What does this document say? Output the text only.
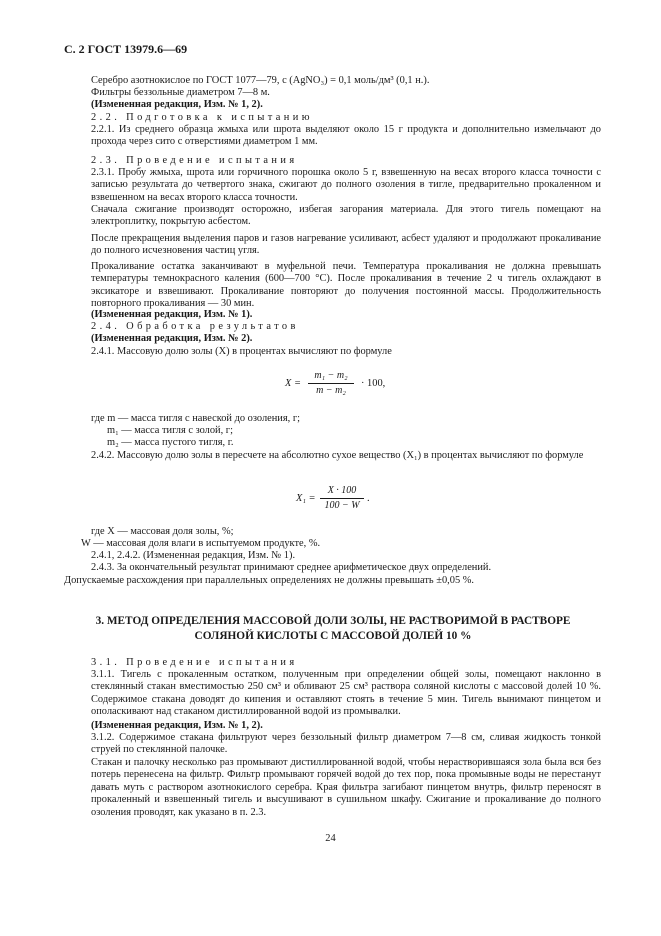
С. 2 ГОСТ 13979.6—69

Серебро азотнокислое по ГОСТ 1077—79, с (AgNO₃) = 0,1 моль/дм³ (0,1 н.).

Фильтры беззольные диаметром 7—8 м.

(Измененная редакция, Изм. № 1, 2).

2.2. Подготовка к испытанию

2.2.1. Из среднего образца жмыха или шрота выделяют около 15 г продукта и дополнительно измельчают до прохода через сито с отверстиями диаметром 1 мм.

2.3. Проведение испытания

2.3.1. Пробу жмыха, шрота или горчичного порошка около 5 г, взвешенную на весах второго класса точности с записью результата до четвертого знака, сжигают до полного озоления в тигле, предварительно прокаленном и взвешенном на весах второго класса точности.

Сначала сжигание производят осторожно, избегая загорания материала. Для этого тигель помещают на электроплитку, покрытую асбестом.

После прекращения выделения паров и газов нагревание усиливают, асбест удаляют и продолжают прокаливание до полного исчезновения частиц угля.

Прокаливание остатка заканчивают в муфельной печи. Температура прокаливания не должна превышать температуры темнокрасного каления (600—700 °С). После прокаливания в течение 2 ч тигель охлаждают в эксикаторе и взвешивают. Прокаливание повторяют до получения постоянной массы. Продолжительность повторного прокаливания — 30 мин.

(Измененная редакция, Изм. № 1).

2.4. Обработка результатов

(Измененная редакция, Изм. № 2).

2.4.1. Массовую долю золы (X) в процентах вычисляют по формуле

X =
m₁ − m₂
m − m₂
· 100,

где m — масса тигля с навеской до озоления, г;

m₁ — масса тигля с золой, г;

m₂ — масса пустого тигля, г.

2.4.2. Массовую долю золы в пересчете на абсолютно сухое вещество (X₁) в процентах вычисляют по формуле

X₁ =
X · 100
100 − W
.

где X — массовая доля золы, %;

W — массовая доля влаги в испытуемом продукте, %.

2.4.1, 2.4.2. (Измененная редакция, Изм. № 1).

2.4.3. За окончательный результат принимают среднее арифметическое двух определений.

Допускаемые расхождения при параллельных определениях не должны превышать ±0,05 %.

3. МЕТОД ОПРЕДЕЛЕНИЯ МАССОВОЙ ДОЛИ ЗОЛЫ, НЕ РАСТВОРИМОЙ В РАСТВОРЕ
СОЛЯНОЙ КИСЛОТЫ С МАССОВОЙ ДОЛЕЙ 10 %

3.1. Проведение испытания

3.1.1. Тигель с прокаленным остатком, полученным при определении общей золы, помещают наклонно в стеклянный стакан вместимостью 250 см³ и обливают 25 см³ раствора соляной кислоты с массовой долей 10 %. Содержимое стакана доводят до кипения и оставляют стоять в течение 5 мин. Тигель вынимают пинцетом и ополаскивают над стаканом дистиллированной водой из промывалки.

(Измененная редакция, Изм. № 1, 2).

3.1.2. Содержимое стакана фильтруют через беззольный фильтр диаметром 7—8 см, сливая жидкость тонкой струей по стеклянной палочке.

Стакан и палочку несколько раз промывают дистиллированной водой, чтобы нерастворившаяся зола была вся без потерь перенесена на фильтр. Фильтр промывают горячей водой до тех пор, пока промывные воды не перестанут давать муть с раствором азотнокислого серебра. Края фильтра загибают пинцетом внутрь, фильтр переносят в прокаленный и взвешенный тигель и высушивают в сушильном шкафу. Сжигание и прокаливание до полного озоления проводят, как указано в п. 2.3.

24
